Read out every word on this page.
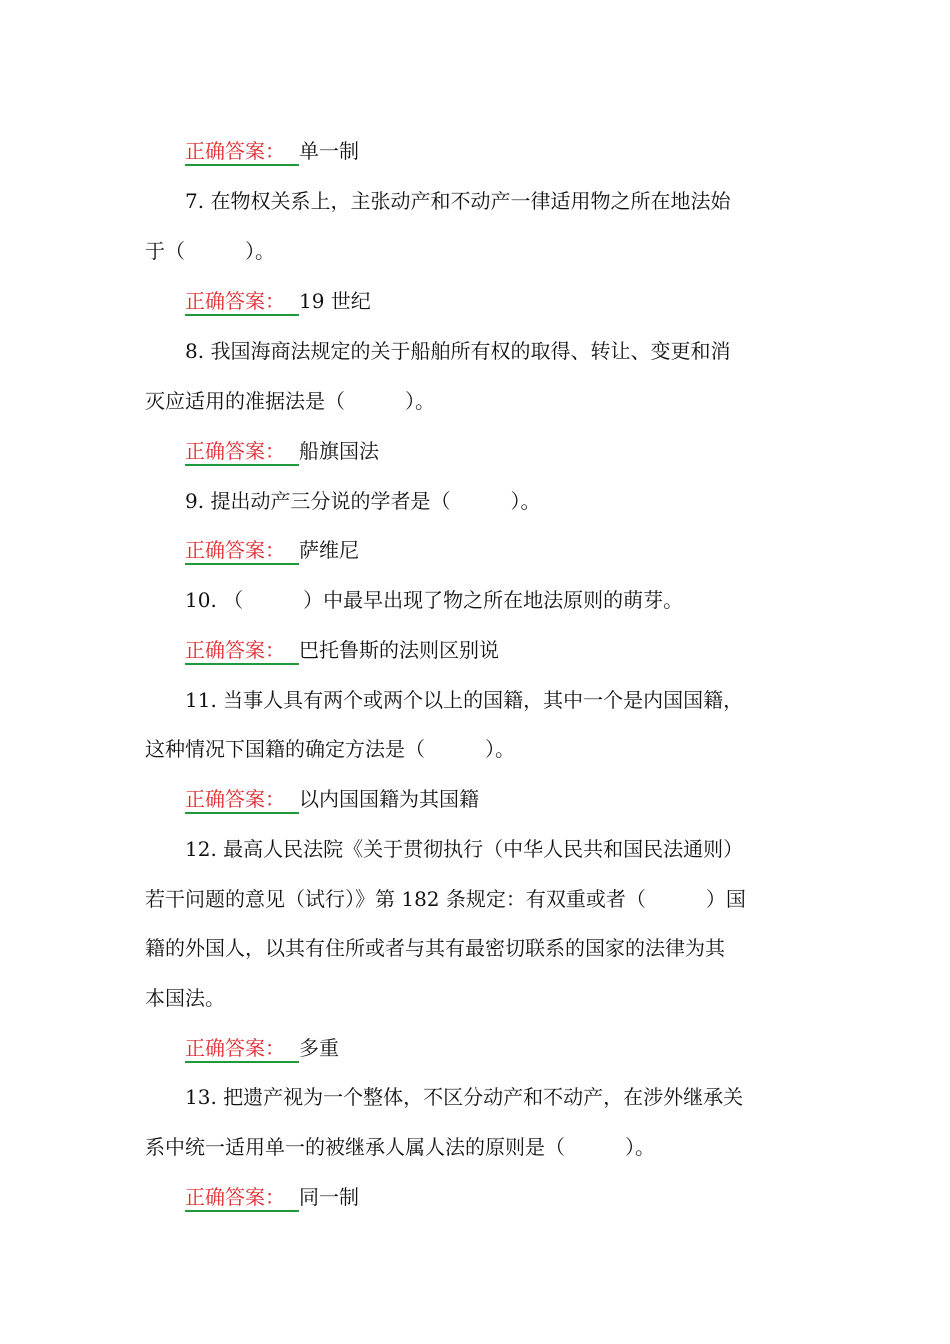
正确答案： 单一制
7. 在物权关系上，主张动产和不动产一律适用物之所在地法始
于（　　　）。
正确答案： 19 世纪
8. 我国海商法规定的关于船舶所有权的取得、转让、变更和消
灭应适用的准据法是（　　　）。
正确答案： 船旗国法
9. 提出动产三分说的学者是（　　　）。
正确答案： 萨维尼
10. （　　　）中最早出现了物之所在地法原则的萌芽。
正确答案： 巴托鲁斯的法则区别说
11. 当事人具有两个或两个以上的国籍，其中一个是内国国籍，
这种情况下国籍的确定方法是（　　　）。
正确答案： 以内国国籍为其国籍
12. 最高人民法院《关于贯彻执行（中华人民共和国民法通则）
若干问题的意见（试行）》第 182 条规定：有双重或者（　　　）国
籍的外国人，以其有住所或者与其有最密切联系的国家的法律为其
本国法。
正确答案： 多重
13. 把遗产视为一个整体，不区分动产和不动产，在涉外继承关
系中统一适用单一的被继承人属人法的原则是（　　　）。
正确答案： 同一制
